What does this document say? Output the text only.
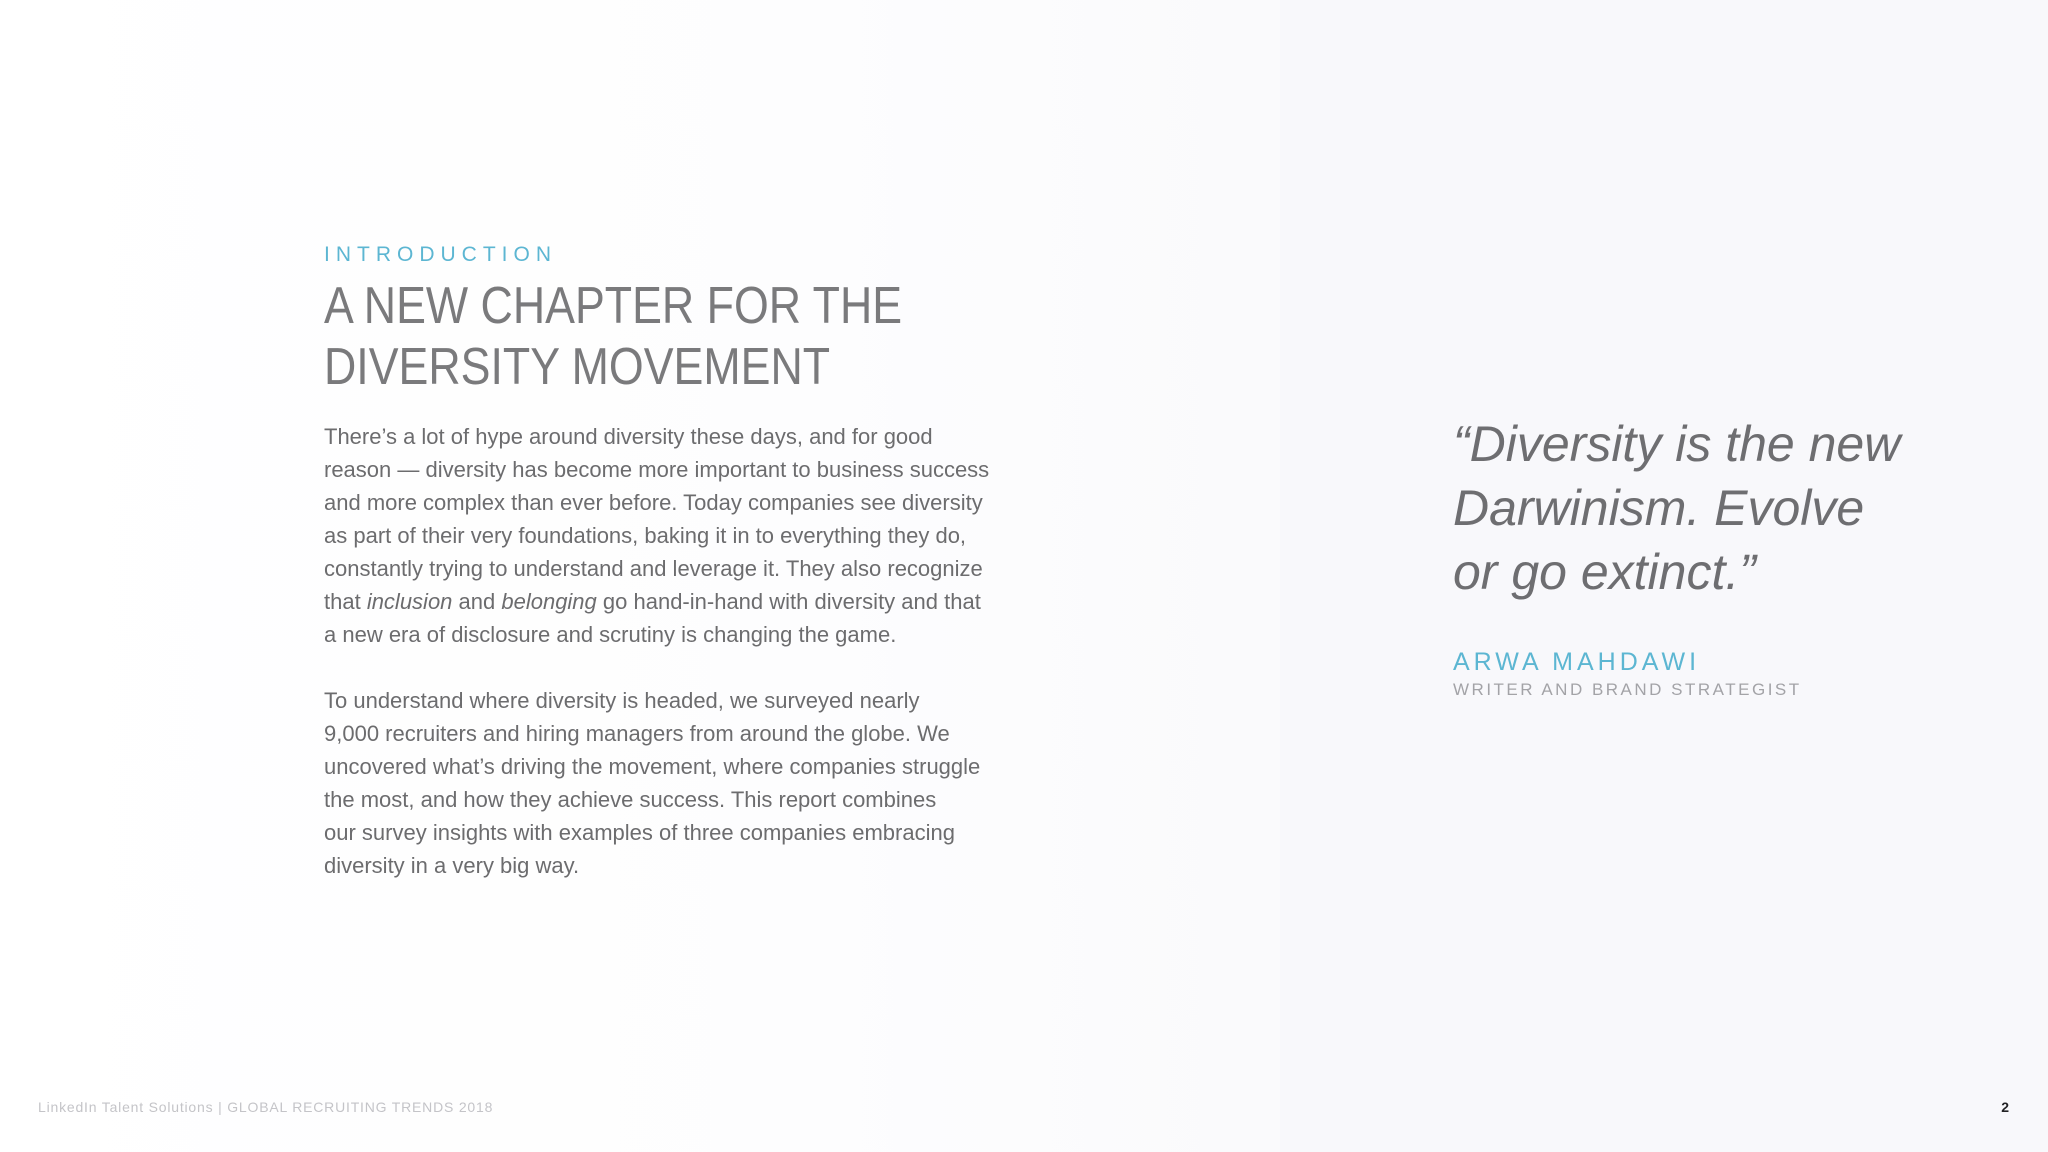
INTRODUCTION
A NEW CHAPTER FOR THE
DIVERSITY MOVEMENT
There’s a lot of hype around diversity these days, and for good
reason — diversity has become more important to business success
and more complex than ever before. Today companies see diversity
as part of their very foundations, baking it in to everything they do,
constantly trying to understand and leverage it. They also recognize
that inclusion and belonging go hand-in-hand with diversity and that
a new era of disclosure and scrutiny is changing the game.
To understand where diversity is headed, we surveyed nearly
9,000 recruiters and hiring managers from around the globe. We
uncovered what’s driving the movement, where companies struggle
the most, and how they achieve success. This report combines
our survey insights with examples of three companies embracing
diversity in a very big way.
“Diversity is the new
Darwinism. Evolve
or go extinct.”
ARWA MAHDAWI
WRITER AND BRAND STRATEGIST
LinkedIn Talent Solutions | GLOBAL RECRUITING TRENDS 2018	2
